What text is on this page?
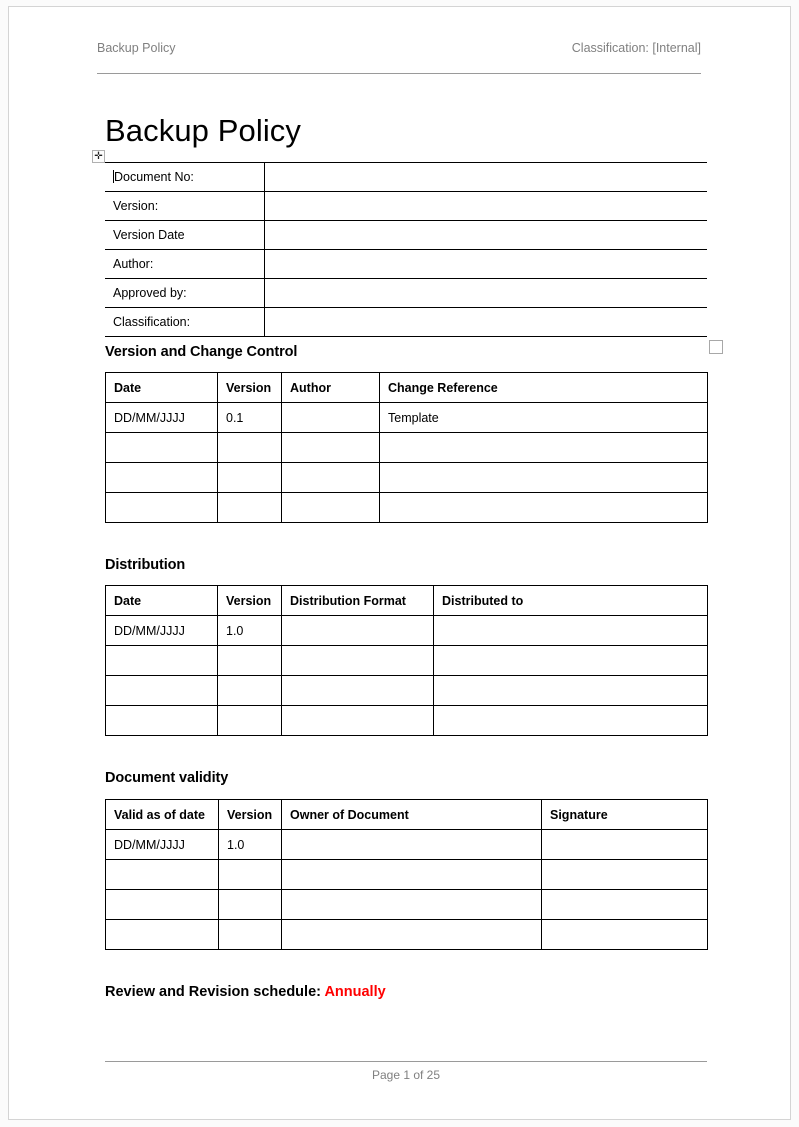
Backup Policy	Classification: [Internal]
Backup Policy
✛
Document No:	
Version:	
Version Date	
Author:	
Approved by:	
Classification:	
Version and Change Control
Date	Version	Author	Change Reference
DD/MM/JJJJ	0.1		Template

Distribution
Date	Version	Distribution Format	Distributed to
DD/MM/JJJJ	1.0		

Document validity
Valid as of date	Version	Owner of Document	Signature
DD/MM/JJJJ	1.0		

Review and Revision schedule: Annually
Page 1 of 25
